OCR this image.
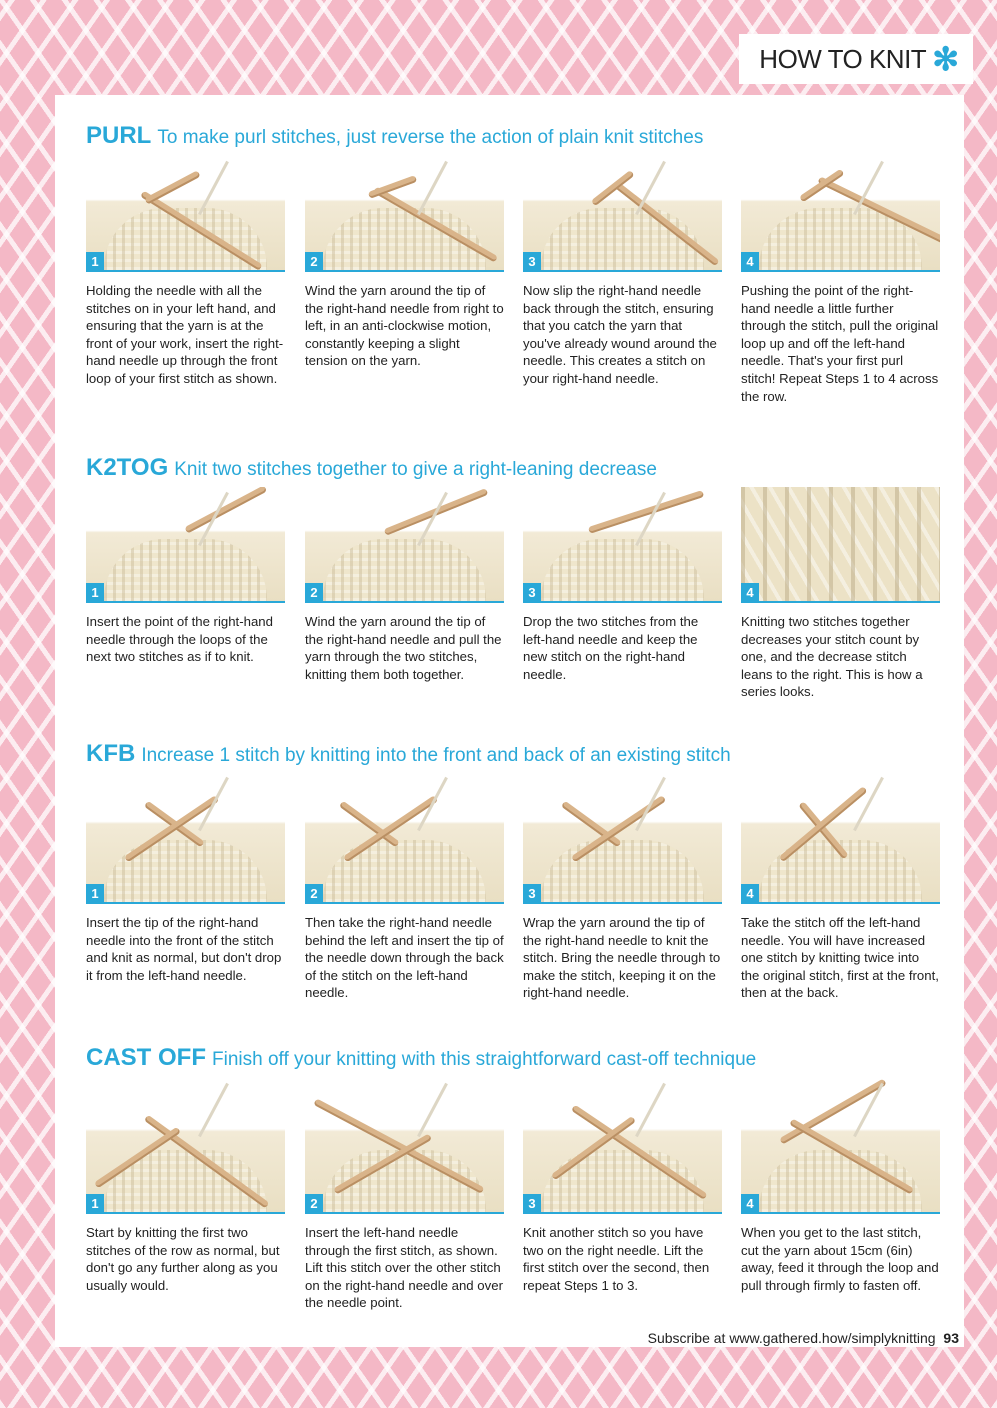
HOW TO KNIT ✻
PURL To make purl stitches, just reverse the action of plain knit stitches
1
Holding the needle with all the stitches on in your left hand, and ensuring that the yarn is at the front of your work, insert the right-hand needle up through the front loop of your first stitch as shown.
2
Wind the yarn around the tip of the right-hand needle from right to left, in an anti-clockwise motion, constantly keeping a slight tension on the yarn.
3
Now slip the right-hand needle back through the stitch, ensuring that you catch the yarn that you've already wound around the needle. This creates a stitch on your right-hand needle.
4
Pushing the point of the right-hand needle a little further through the stitch, pull the original loop up and off the left-hand needle. That's your first purl stitch! Repeat Steps 1 to 4 across the row.
K2TOG Knit two stitches together to give a right-leaning decrease
1
Insert the point of the right-hand needle through the loops of the next two stitches as if to knit.
2
Wind the yarn around the tip of the right-hand needle and pull the yarn through the two stitches, knitting them both together.
3
Drop the two stitches from the left-hand needle and keep the new stitch on the right-hand needle.
4
Knitting two stitches together decreases your stitch count by one, and the decrease stitch leans to the right. This is how a series looks.
KFB Increase 1 stitch by knitting into the front and back of an existing stitch
1
Insert the tip of the right-hand needle into the front of the stitch and knit as normal, but don't drop it from the left-hand needle.
2
Then take the right-hand needle behind the left and insert the tip of the needle down through the back of the stitch on the left-hand needle.
3
Wrap the yarn around the tip of the right-hand needle to knit the stitch. Bring the needle through to make the stitch, keeping it on the right-hand needle.
4
Take the stitch off the left-hand needle. You will have increased one stitch by knitting twice into the original stitch, first at the front, then at the back.
CAST OFF Finish off your knitting with this straightforward cast-off technique
1
Start by knitting the first two stitches of the row as normal, but don't go any further along as you usually would.
2
Insert the left-hand needle through the first stitch, as shown. Lift this stitch over the other stitch on the right-hand needle and over the needle point.
3
Knit another stitch so you have two on the right needle. Lift the first stitch over the second, then repeat Steps 1 to 3.
4
When you get to the last stitch, cut the yarn about 15cm (6in) away, feed it through the loop and pull through firmly to fasten off.
Subscribe at www.gathered.how/simplyknitting 93
